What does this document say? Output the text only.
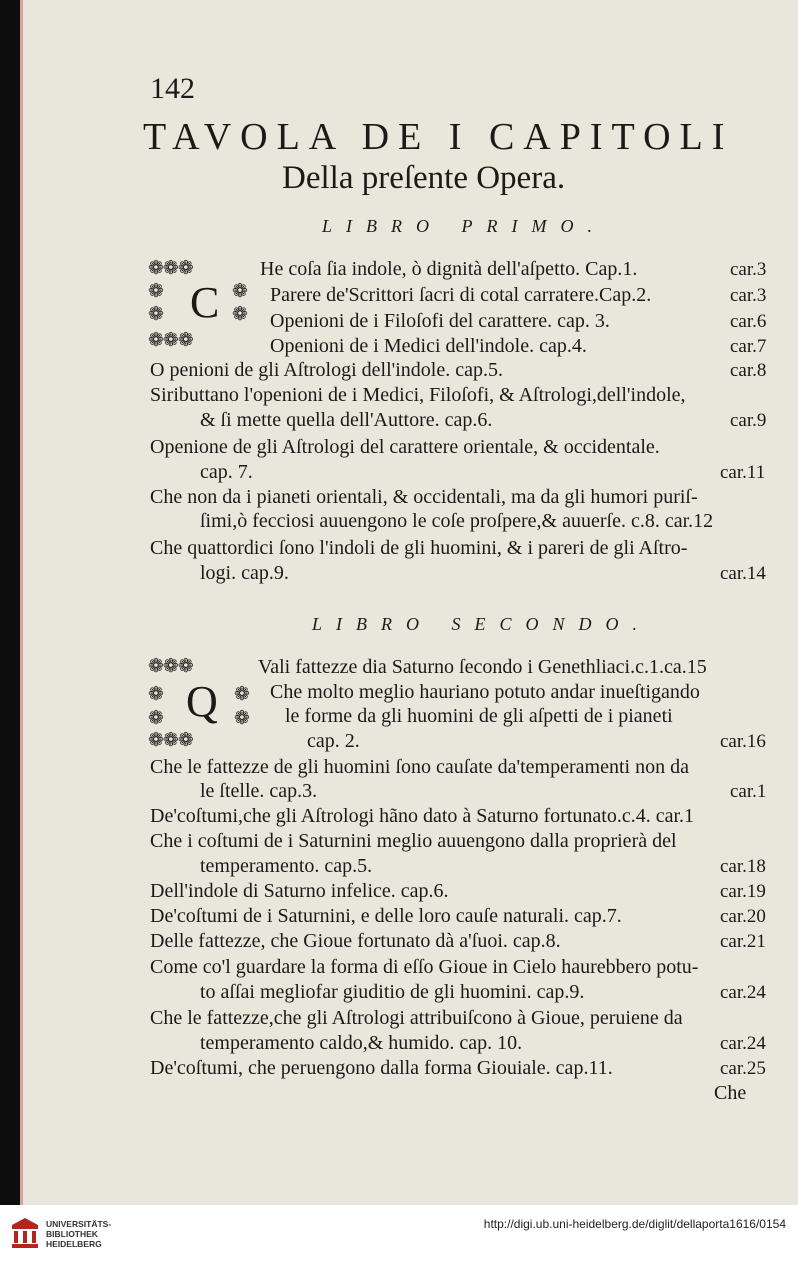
142
TAVOLA DE I CAPITOLI
Della preſente Opera.
LIBRO PRIMO.
❁❁❁
❁	❁
C
❁	❁
❁❁❁
He coſa ſia indole, ò dignità dell'aſpetto. Cap.1.	car.3
Parere de'Scrittori ſacri di cotal carratere.Cap.2.	car.3
Openioni de i Filoſofi del carattere. cap. 3.	car.6
Openioni de i Medici dell'indole. cap.4.	car.7
O penioni de gli Aſtrologi dell'indole. cap.5.	car.8
Siributtano l'openioni de i Medici, Filoſofi, & Aſtrologi,dell'indole,
& ſi mette quella dell'Auttore. cap.6.	car.9
Openione de gli Aſtrologi del carattere orientale, & occidentale.
cap. 7.	car.11
Che non da i pianeti orientali, & occidentali, ma da gli humori puriſ-
ſimi,ò fecciosi auuengono le coſe proſpere,& auuerſe. c.8. car.12
Che quattordici ſono l'indoli de gli huomini, & i pareri de gli Aſtro-
logi. cap.9.	car.14
LIBRO SECONDO.
❁❁❁
❁	❁
Q
❁	❁
❁❁❁
Vali fattezze dia Saturno ſecondo i Genethliaci.c.1.ca.15
Che molto meglio hauriano potuto andar inueſtigando
le forme da gli huomini de gli aſpetti de i pianeti
cap. 2.	car.16
Che le fattezze de gli huomini ſono cauſate da'temperamenti non da
le ſtelle. cap.3.	car.1
De'coſtumi,che gli Aſtrologi hãno dato à Saturno fortunato.c.4. car.1
Che i coſtumi de i Saturnini meglio auuengono dalla proprierà del
temperamento. cap.5.	car.18
Dell'indole di Saturno infelice. cap.6.	car.19
De'coſtumi de i Saturnini, e delle loro cauſe naturali. cap.7.	car.20
Delle fattezze, che Gioue fortunato dà a'ſuoi. cap.8.	car.21
Come co'l guardare la forma di eſſo Gioue in Cielo haurebbero potu-
to aſſai megliofar giuditio de gli huomini. cap.9.	car.24
Che le fattezze,che gli Aſtrologi attribuiſcono à Gioue, peruiene da
temperamento caldo,& humido. cap. 10.	car.24
De'coſtumi, che peruengono dalla forma Giouiale. cap.11.	car.25
Che
UNIVERSITÄTS-
BIBLIOTHEK
HEIDELBERG
http://digi.ub.uni-heidelberg.de/diglit/dellaporta1616/0154
